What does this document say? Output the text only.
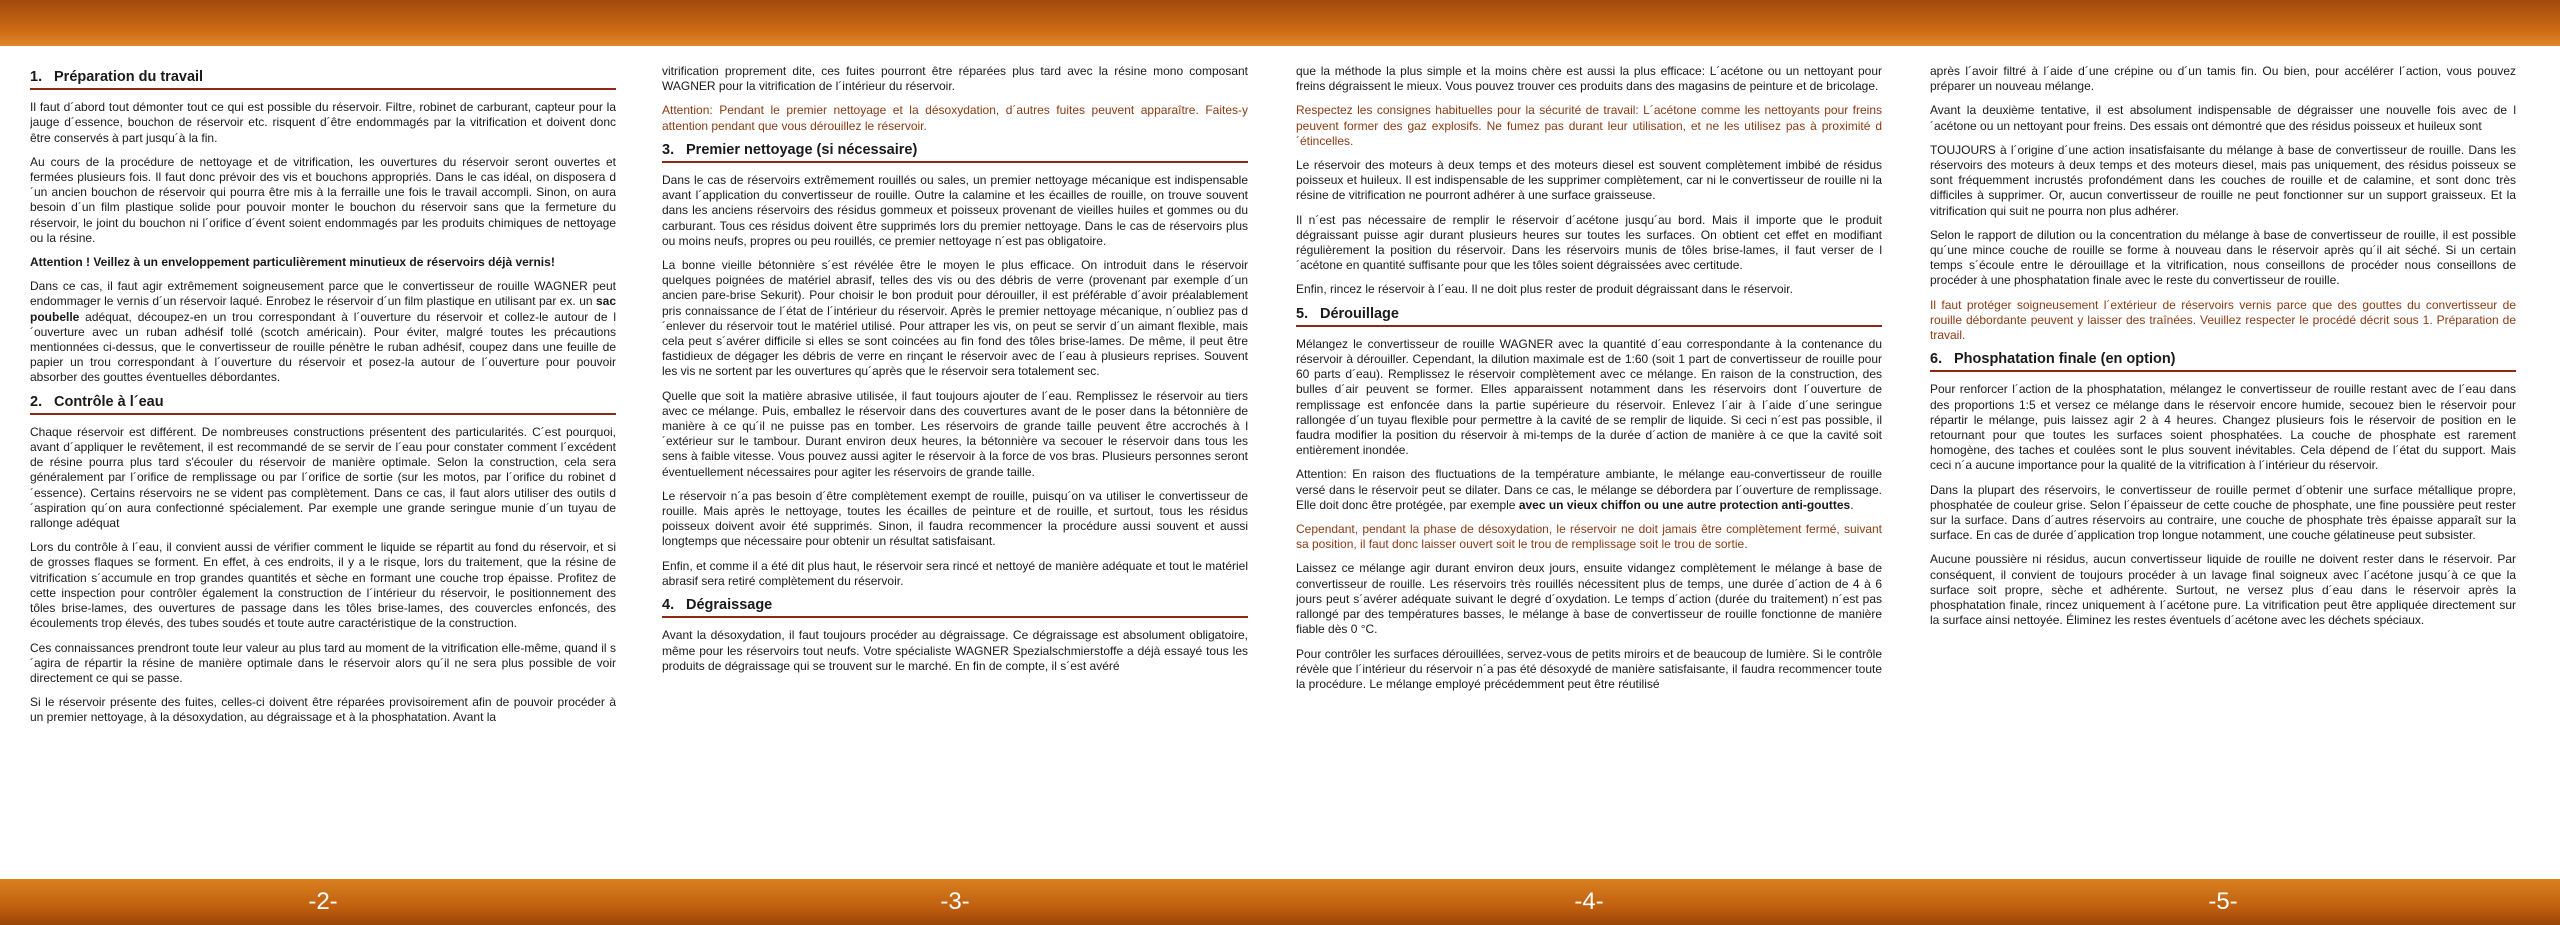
1. Préparation du travail

Il faut d´abord tout démonter tout ce qui est possible du réservoir. Filtre, robinet de carburant, capteur pour la jauge d´essence, bouchon de réservoir etc. risquent d´être endommagés par la vitrification et doivent donc être conservés à part jusqu´à la fin.

Au cours de la procédure de nettoyage et de vitrification, les ouvertures du réservoir seront ouvertes et fermées plusieurs fois. Il faut donc prévoir des vis et bouchons appropriés. Dans le cas idéal, on disposera d´un ancien bouchon de réservoir qui pourra être mis à la ferraille une fois le travail accompli. Sinon, on aura besoin d´un film plastique solide pour pouvoir monter le bouchon du réservoir sans que la fermeture du réservoir, le joint du bouchon ni l´orifice d´évent soient endommagés par les produits chimiques de nettoyage ou la résine.

Attention ! Veillez à un enveloppement particulièrement minutieux de réservoirs déjà vernis!

Dans ce cas, il faut agir extrêmement soigneusement parce que le convertisseur de rouille WAGNER peut endommager le vernis d´un réservoir laqué. Enrobez le réservoir d´un film plastique en utilisant par ex. un sac poubelle adéquat, découpez-en un trou correspondant à l´ouverture du réservoir et collez-le autour de l´ouverture avec un ruban adhésif tollé (scotch américain). Pour éviter, malgré toutes les précautions mentionnées ci-dessus, que le convertisseur de rouille pénètre le ruban adhésif, coupez dans une feuille de papier un trou correspondant à l´ouverture du réservoir et posez-la autour de l´ouverture pour pouvoir absorber des gouttes éventuelles débordantes.

2. Contrôle à l´eau

Chaque réservoir est différent. De nombreuses constructions présentent des particularités. C´est pourquoi, avant d´appliquer le revêtement, il est recommandé de se servir de l´eau pour constater comment l´excédent de résine pourra plus tard s'écouler du réservoir de manière optimale. Selon la construction, cela sera généralement par l´orifice de remplissage ou par l´orifice de sortie (sur les motos, par l´orifice du robinet d´essence). Certains réservoirs ne se vident pas complètement. Dans ce cas, il faut alors utiliser des outils d´aspiration qu´on aura confectionné spécialement. Par exemple une grande seringue munie d´un tuyau de rallonge adéquat

Lors du contrôle à l´eau, il convient aussi de vérifier comment le liquide se répartit au fond du réservoir, et si de grosses flaques se forment. En effet, à ces endroits, il y a le risque, lors du traitement, que la résine de vitrification s´accumule en trop grandes quantités et sèche en formant une couche trop épaisse. Profitez de cette inspection pour contrôler également la construction de l´intérieur du réservoir, le positionnement des tôles brise-lames, des ouvertures de passage dans les tôles brise-lames, des couvercles enfoncés, des écoulements trop élevés, des tubes soudés et toute autre caractéristique de la construction.

Ces connaissances prendront toute leur valeur au plus tard au moment de la vitrification elle-même, quand il s´agira de répartir la résine de manière optimale dans le réservoir alors qu´il ne sera plus possible de voir directement ce qui se passe.

Si le réservoir présente des fuites, celles-ci doivent être réparées provisoirement afin de pouvoir procéder à un premier nettoyage, à la désoxydation, au dégraissage et à la phosphatation. Avant la

vitrification proprement dite, ces fuites pourront être réparées plus tard avec la résine mono composant WAGNER pour la vitrification de l´intérieur du réservoir.

Attention: Pendant le premier nettoyage et la désoxydation, d´autres fuites peuvent apparaître. Faites-y attention pendant que vous dérouillez le réservoir.

3. Premier nettoyage (si nécessaire)

Dans le cas de réservoirs extrêmement rouillés ou sales, un premier nettoyage mécanique est indispensable avant l´application du convertisseur de rouille. Outre la calamine et les écailles de rouille, on trouve souvent dans les anciens réservoirs des résidus gommeux et poisseux provenant de vieilles huiles et gommes ou du carburant. Tous ces résidus doivent être supprimés lors du premier nettoyage. Dans le cas de réservoirs plus ou moins neufs, propres ou peu rouillés, ce premier nettoyage n´est pas obligatoire.

La bonne vieille bétonnière s´est révélée être le moyen le plus efficace. On introduit dans le réservoir quelques poignées de matériel abrasif, telles des vis ou des débris de verre (provenant par exemple d´un ancien pare-brise Sekurit). Pour choisir le bon produit pour dérouiller, il est préférable d´avoir préalablement pris connaissance de l´état de l´intérieur du réservoir. Après le premier nettoyage mécanique, n´oubliez pas d´enlever du réservoir tout le matériel utilisé. Pour attraper les vis, on peut se servir d´un aimant flexible, mais cela peut s´avérer difficile si elles se sont coincées au fin fond des tôles brise-lames. De même, il peut être fastidieux de dégager les débris de verre en rinçant le réservoir avec de l´eau à plusieurs reprises. Souvent les vis ne sortent par les ouvertures qu´après que le réservoir sera totalement sec.

Quelle que soit la matière abrasive utilisée, il faut toujours ajouter de l´eau. Remplissez le réservoir au tiers avec ce mélange. Puis, emballez le réservoir dans des couvertures avant de le poser dans la bétonnière de manière à ce qu´il ne puisse pas en tomber. Les réservoirs de grande taille peuvent être accrochés à l´extérieur sur le tambour. Durant environ deux heures, la bétonnière va secouer le réservoir dans tous les sens à faible vitesse. Vous pouvez aussi agiter le réservoir à la force de vos bras. Plusieurs personnes seront éventuellement nécessaires pour agiter les réservoirs de grande taille.

Le réservoir n´a pas besoin d´être complètement exempt de rouille, puisqu´on va utiliser le convertisseur de rouille. Mais après le nettoyage, toutes les écailles de peinture et de rouille, et surtout, tous les résidus poisseux doivent avoir été supprimés. Sinon, il faudra recommencer la procédure aussi souvent et aussi longtemps que nécessaire pour obtenir un résultat satisfaisant.

Enfin, et comme il a été dit plus haut, le réservoir sera rincé et nettoyé de manière adéquate et tout le matériel abrasif sera retiré complètement du réservoir.

4. Dégraissage

Avant la désoxydation, il faut toujours procéder au dégraissage. Ce dégraissage est absolument obligatoire, même pour les réservoirs tout neufs. Votre spécialiste WAGNER Spezialschmierstoffe a déjà essayé tous les produits de dégraissage qui se trouvent sur le marché. En fin de compte, il s´est avéré

que la méthode la plus simple et la moins chère est aussi la plus efficace: L´acétone ou un nettoyant pour freins dégraissent le mieux. Vous pouvez trouver ces produits dans des magasins de peinture et de bricolage.

Respectez les consignes habituelles pour la sécurité de travail: L´acétone comme les nettoyants pour freins peuvent former des gaz explosifs. Ne fumez pas durant leur utilisation, et ne les utilisez pas à proximité d´étincelles.

Le réservoir des moteurs à deux temps et des moteurs diesel est souvent complètement imbibé de résidus poisseux et huileux. Il est indispensable de les supprimer complètement, car ni le convertisseur de rouille ni la résine de vitrification ne pourront adhérer à une surface graisseuse.

Il n´est pas nécessaire de remplir le réservoir d´acétone jusqu´au bord. Mais il importe que le produit dégraissant puisse agir durant plusieurs heures sur toutes les surfaces. On obtient cet effet en modifiant régulièrement la position du réservoir. Dans les réservoirs munis de tôles brise-lames, il faut verser de l´acétone en quantité suffisante pour que les tôles soient dégraissées avec certitude.

Enfin, rincez le réservoir à l´eau. Il ne doit plus rester de produit dégraissant dans le réservoir.

5. Dérouillage

Mélangez le convertisseur de rouille WAGNER avec la quantité d´eau correspondante à la contenance du réservoir à dérouiller. Cependant, la dilution maximale est de 1:60 (soit 1 part de convertisseur de rouille pour 60 parts d´eau). Remplissez le réservoir complètement avec ce mélange. En raison de la construction, des bulles d´air peuvent se former. Elles apparaissent notamment dans les réservoirs dont l´ouverture de remplissage est enfoncée dans la partie supérieure du réservoir. Enlevez l´air à l´aide d´une seringue rallongée d´un tuyau flexible pour permettre à la cavité de se remplir de liquide. Si ceci n´est pas possible, il faudra modifier la position du réservoir à mi-temps de la durée d´action de manière à ce que la cavité soit entièrement inondée.

Attention: En raison des fluctuations de la température ambiante, le mélange eau-convertisseur de rouille versé dans le réservoir peut se dilater. Dans ce cas, le mélange se débordera par l´ouverture de remplissage. Elle doit donc être protégée, par exemple avec un vieux chiffon ou une autre protection anti-gouttes.

Cependant, pendant la phase de désoxydation, le réservoir ne doit jamais être complètement fermé, suivant sa position, il faut donc laisser ouvert soit le trou de remplissage soit le trou de sortie.

Laissez ce mélange agir durant environ deux jours, ensuite vidangez complètement le mélange à base de convertisseur de rouille. Les réservoirs très rouillés nécessitent plus de temps, une durée d´action de 4 à 6 jours peut s´avérer adéquate suivant le degré d´oxydation. Le temps d´action (durée du traitement) n´est pas rallongé par des températures basses, le mélange à base de convertisseur de rouille fonctionne de manière fiable dès 0 °C.

Pour contrôler les surfaces dérouillées, servez-vous de petits miroirs et de beaucoup de lumière. Si le contrôle révèle que l´intérieur du réservoir n´a pas été désoxydé de manière satisfaisante, il faudra recommencer toute la procédure. Le mélange employé précédemment peut être réutilisé

après l´avoir filtré à l´aide d´une crépine ou d´un tamis fin. Ou bien, pour accélérer l´action, vous pouvez préparer un nouveau mélange.

Avant la deuxième tentative, il est absolument indispensable de dégraisser une nouvelle fois avec de l´acétone ou un nettoyant pour freins. Des essais ont démontré que des résidus poisseux et huileux sont

TOUJOURS à l´origine d´une action insatisfaisante du mélange à base de convertisseur de rouille. Dans les réservoirs des moteurs à deux temps et des moteurs diesel, mais pas uniquement, des résidus poisseux se sont fréquemment incrustés profondément dans les couches de rouille et de calamine, et sont donc très difficiles à supprimer. Or, aucun convertisseur de rouille ne peut fonctionner sur un support graisseux. Et la vitrification qui suit ne pourra non plus adhérer.

Selon le rapport de dilution ou la concentration du mélange à base de convertisseur de rouille, il est possible qu´une mince couche de rouille se forme à nouveau dans le réservoir après qu´il ait séché. Si un certain temps s´écoule entre le dérouillage et la vitrification, nous conseillons de procéder nous conseillons de procéder à une phosphatation finale avec le reste du convertisseur de rouille.

Il faut protéger soigneusement l´extérieur de réservoirs vernis parce que des gouttes du convertisseur de rouille débordante peuvent y laisser des traînées. Veuillez respecter le procédé décrit sous 1. Préparation de travail.

6. Phosphatation finale (en option)

Pour renforcer l´action de la phosphatation, mélangez le convertisseur de rouille restant avec de l´eau dans des proportions 1:5 et versez ce mélange dans le réservoir encore humide, secouez bien le réservoir pour répartir le mélange, puis laissez agir 2 à 4 heures. Changez plusieurs fois le réservoir de position en le retournant pour que toutes les surfaces soient phosphatées. La couche de phosphate est rarement homogène, des taches et coulées sont le plus souvent inévitables. Cela dépend de l´état du support. Mais ceci n´a aucune importance pour la qualité de la vitrification à l´intérieur du réservoir.

Dans la plupart des réservoirs, le convertisseur de rouille permet d´obtenir une surface métallique propre, phosphatée de couleur grise. Selon l´épaisseur de cette couche de phosphate, une fine poussière peut rester sur la surface. Dans d´autres réservoirs au contraire, une couche de phosphate très épaisse apparaît sur la surface. En cas de durée d´application trop longue notamment, une couche gélatineuse peut subsister.

Aucune poussière ni résidus, aucun convertisseur liquide de rouille ne doivent rester dans le réservoir. Par conséquent, il convient de toujours procéder à un lavage final soigneux avec l´acétone jusqu´à ce que la surface soit propre, sèche et adhérente. Surtout, ne versez plus d´eau dans le réservoir après la phosphatation finale, rincez uniquement à l´acétone pure. La vitrification peut être appliquée directement sur la surface ainsi nettoyée. Éliminez les restes éventuels d´acétone avec les déchets spéciaux.

-2-	-3-	-4-	-5-
